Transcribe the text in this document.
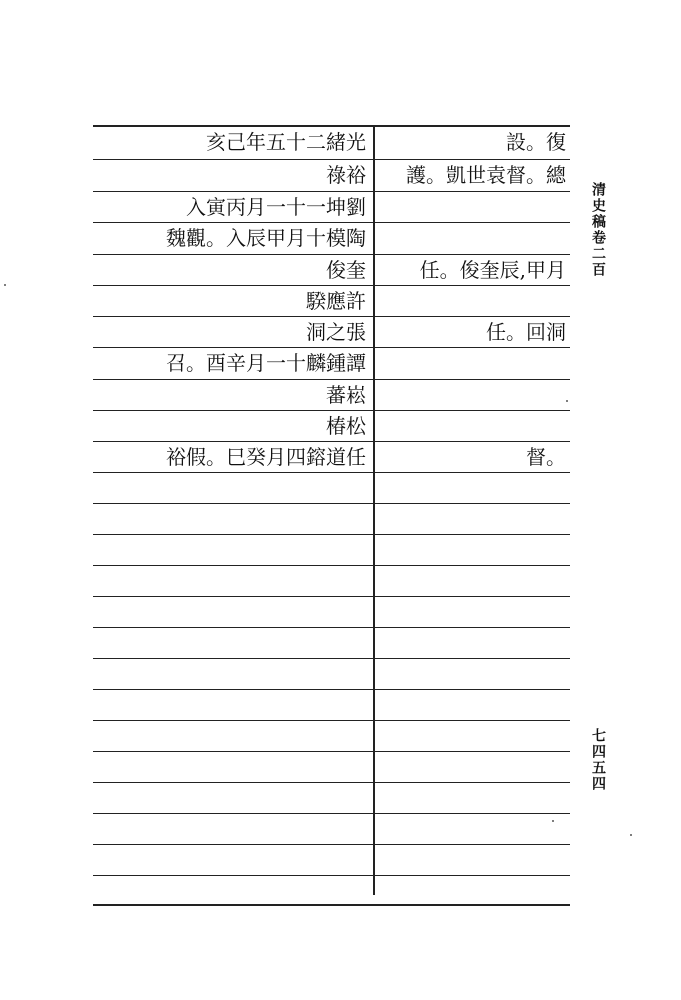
亥己年五十二緒光	設。復
祿裕	護。凱世袁督。總
入寅丙月一十一坤劉
魏觀。入辰甲月十模陶
俊奎	任。俊奎辰,甲月
騤應許
洞之張	任。回洞
召。酉辛月一十麟鍾譚
蕃崧
椿松
裕假。巳癸月四鎔道任	督。
清史稿卷二百
七四五四
